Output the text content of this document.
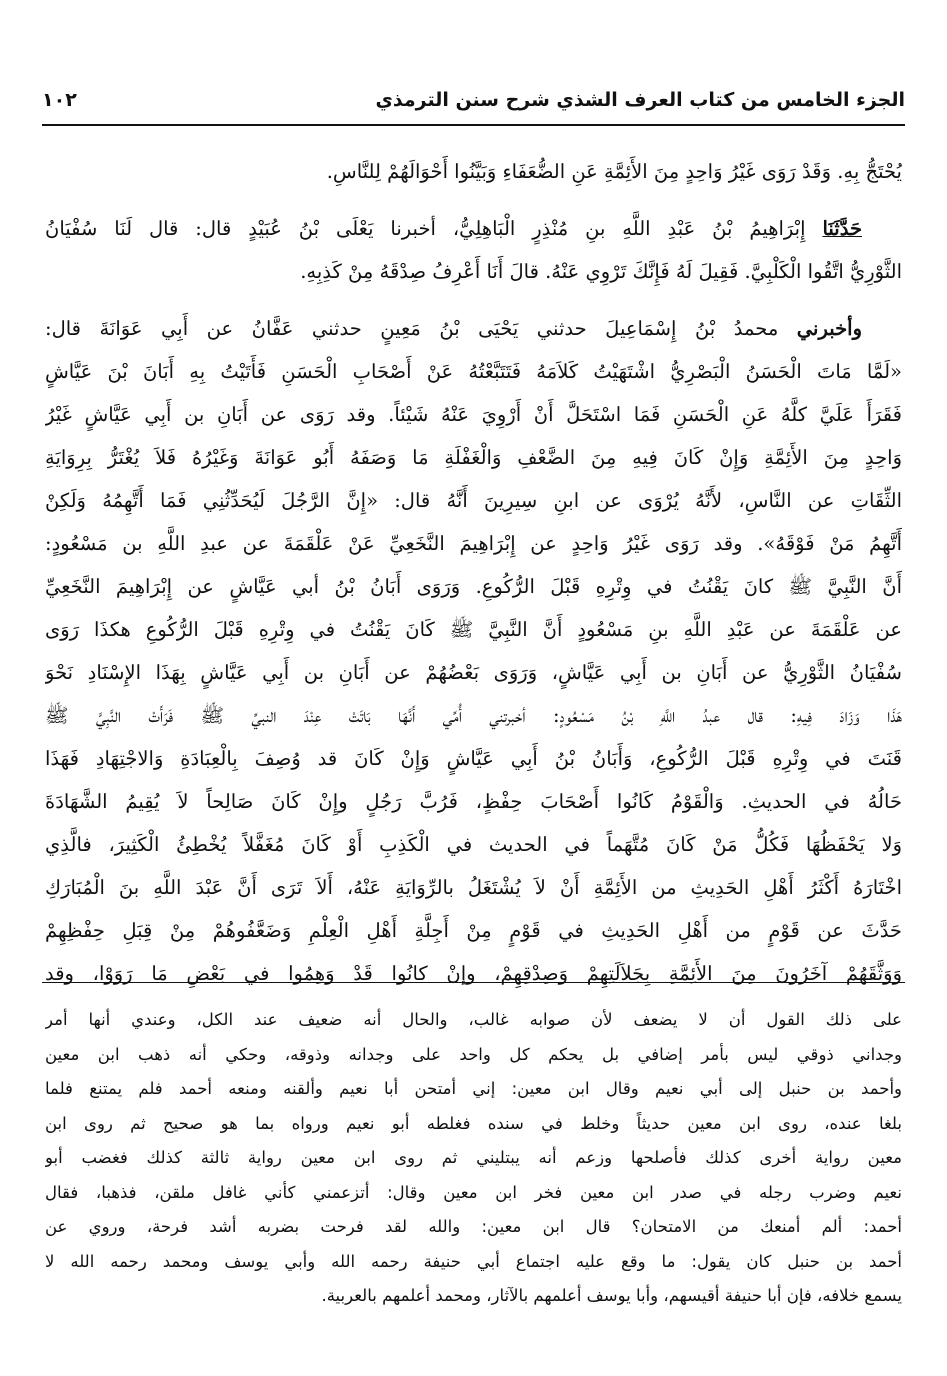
الجزء الخامس من كتاب العرف الشذي شرح سنن الترمذي
١٠٢
يُحْتَجُّ بِهِ. وَقَدْ رَوَى غَيْرُ وَاحِدٍ مِنَ الأَئِمَّةِ عَنِ الضُّعَفَاءِ وَبَيَّنُوا أَحْوَالَهُمْ لِلنَّاسِ.
حَدَّثَنَا إِبْرَاهِيمُ بْنُ عَبْدِ اللَّهِ بنِ مُنْذِرٍ الْبَاهِلِيُّ، أخبرنا يَعْلَى بْنُ عُبَيْدٍ قال: قال لَنَا سُفْيَانُ
الثَّوْرِيُّ اتَّقُوا الْكَلْبِيَّ. فَقِيلَ لَهُ فَإِنَّكَ تَرْوِي عَنْهُ. قالَ أَنَا أَعْرِفُ صِدْقَهُ مِنْ كَذِبِهِ.
وأخبرني محمدُ بْنُ إِسْمَاعِيلَ حدثني يَحْيَى بْنُ مَعِينٍ حدثني عَفَّانُ عن أَبِي عَوَانَةَ قال:
«لَمَّا مَاتَ الْحَسَنُ الْبَصْرِيُّ اشْتَهَيْتُ كَلاَمَهُ فَتَتَبَّعْتُهُ عَنْ أَصْحَابِ الْحَسَنِ فَأَتَيْتُ بِهِ أَبَانَ بْنَ عَيَّاشٍ
فَقَرَأَ عَلَيَّ كلَّهُ عَنِ الْحَسَنِ فَمَا اسْتَحَلَّ أَنْ أَرْوِيَ عَنْهُ شَيْئاً. وقد رَوَى عن أَبَانِ بن أَبِي عَيَّاشٍ غَيْرُ
وَاحِدٍ مِنَ الأَئِمَّةِ وَإِنْ كَانَ فِيهِ مِنَ الضَّعْفِ وَالْغَفْلَةِ مَا وَصَفَهُ أَبُو عَوَانَةَ وَغَيْرُهُ فَلاَ يُغْتَرُّ بِرِوَايَةِ
الثِّقَاتِ عن النَّاسِ، لأَنَّهُ يُرْوَى عن ابنِ سِيرِينَ أَنَّهُ قال: «إِنَّ الرَّجُلَ لَيُحَدِّثُنِي فَمَا أَتَّهِمُهُ وَلَكِنْ
أَتَّهِمُ مَنْ فَوْقَهُ». وقد رَوَى غَيْرُ وَاحِدٍ عن إِبْرَاهِيمَ النَّخَعِيِّ عَنْ عَلْقَمَةَ عن عبدِ اللَّهِ بن مَسْعُودٍ:
أَنَّ النَّبِيَّ ﷺ كانَ يَقْنُتُ في وِتْرِهِ قَبْلَ الرُّكُوعِ. وَرَوَى أَبَانُ بْنُ أبي عَيَّاشٍ عن إِبْرَاهِيمَ النَّخَعِيِّ
عن عَلْقَمَةَ عن عَبْدِ اللَّهِ بنِ مَسْعُودٍ أَنَّ النَّبِيَّ ﷺ كَانَ يَقْنُتُ في وِتْرِهِ قَبْلَ الرُّكُوعِ هكذَا رَوَى
سُفْيَانُ الثَّوْرِيُّ عن أَبَانِ بن أَبِي عَيَّاشٍ، وَرَوَى بَعْضُهُمْ عن أَبَانِ بن أَبِي عَيَّاشٍ بِهَذَا الإِسْنَادِ نَحْوَ
هَذَا وَزَادَ فِيهِ: قال عبدُ اللَّهِ بْنُ مَسْعُودٍ: أخبرتني أُمِّي أَنَّهَا بَاتَتْ عِنْدَ النبيِّ ﷺ فَرَأَتْ النَّبِيَّ ﷺ
قَنَتَ في وِتْرِهِ قَبْلَ الرُّكُوعِ، وَأَبَانُ بْنُ أَبِي عَيَّاشٍ وَإِنْ كَانَ قد وُصِفَ بِالْعِبَادَةِ وَالاجْتِهَادِ فَهَذَا
حَالُهُ في الحديثِ. وَالْقَوْمُ كَانُوا أَصْحَابَ حِفْظٍ، فَرُبَّ رَجُلٍ وإِنْ كَانَ صَالِحاً لاَ يُقِيمُ الشَّهَادَةَ
وَلا يَحْفَظُهَا فَكُلُّ مَنْ كَانَ مُتَّهَماً في الحديث في الْكَذِبِ أَوْ كَانَ مُغَفَّلاً يُخْطِئُ الْكَثِيرَ، فالَّذِي
اخْتَارَهُ أَكْثَرُ أَهْلِ الحَدِيثِ من الأَئِمَّةِ أَنْ لاَ يُشْتَغَلُ بالرِّوَايَةِ عَنْهُ، أَلاَ تَرَى أَنَّ عَبْدَ اللَّهِ بنَ الْمُبَارَكِ
حَدَّثَ عن قَوْمٍ من أَهْلِ الحَدِيثِ في قَوْمٍ مِنْ أَجِلَّةِ أَهْلِ الْعِلْمِ وَضَعَّفُوهُمْ مِنْ قِبَلِ حِفْظِهِمْ
وَوَثَّقَهُمْ آخَرُونَ مِنَ الأَئِمَّةِ بِجَلاَلَتِهِمْ وَصِدْقِهِمْ، وإنْ كانُوا قَدْ وَهِمُوا في بَعْضِ مَا رَوَوْا، وقد
على ذلك القول أن لا يضعف لأن صوابه غالب، والحال أنه ضعيف عند الكل، وعندي أنها أمر
وجداني ذوقي ليس بأمر إضافي بل يحكم كل واحد على وجدانه وذوقه، وحكي أنه ذهب ابن معين
وأحمد بن حنبل إلى أبي نعيم وقال ابن معين: إني أمتحن أبا نعيم وألقنه ومنعه أحمد فلم يمتنع فلما
بلغا عنده، روى ابن معين حديثاً وخلط في سنده فغلطه أبو نعيم ورواه بما هو صحيح ثم روى ابن
معين رواية أخرى كذلك فأصلحها وزعم أنه يبتليني ثم روى ابن معين رواية ثالثة كذلك فغضب أبو
نعيم وضرب رجله في صدر ابن معين فخر ابن معين وقال: أتزعمني كأني غافل ملقن، فذهبا، فقال
أحمد: ألم أمنعك من الامتحان؟ قال ابن معين: والله لقد فرحت بضربه أشد فرحة، وروي عن
أحمد بن حنبل كان يقول: ما وقع عليه اجتماع أبي حنيفة رحمه الله وأبي يوسف ومحمد رحمه الله لا
يسمع خلافه، فإن أبا حنيفة أقيسهم، وأبا يوسف أعلمهم بالآثار، ومحمد أعلمهم بالعربية.
